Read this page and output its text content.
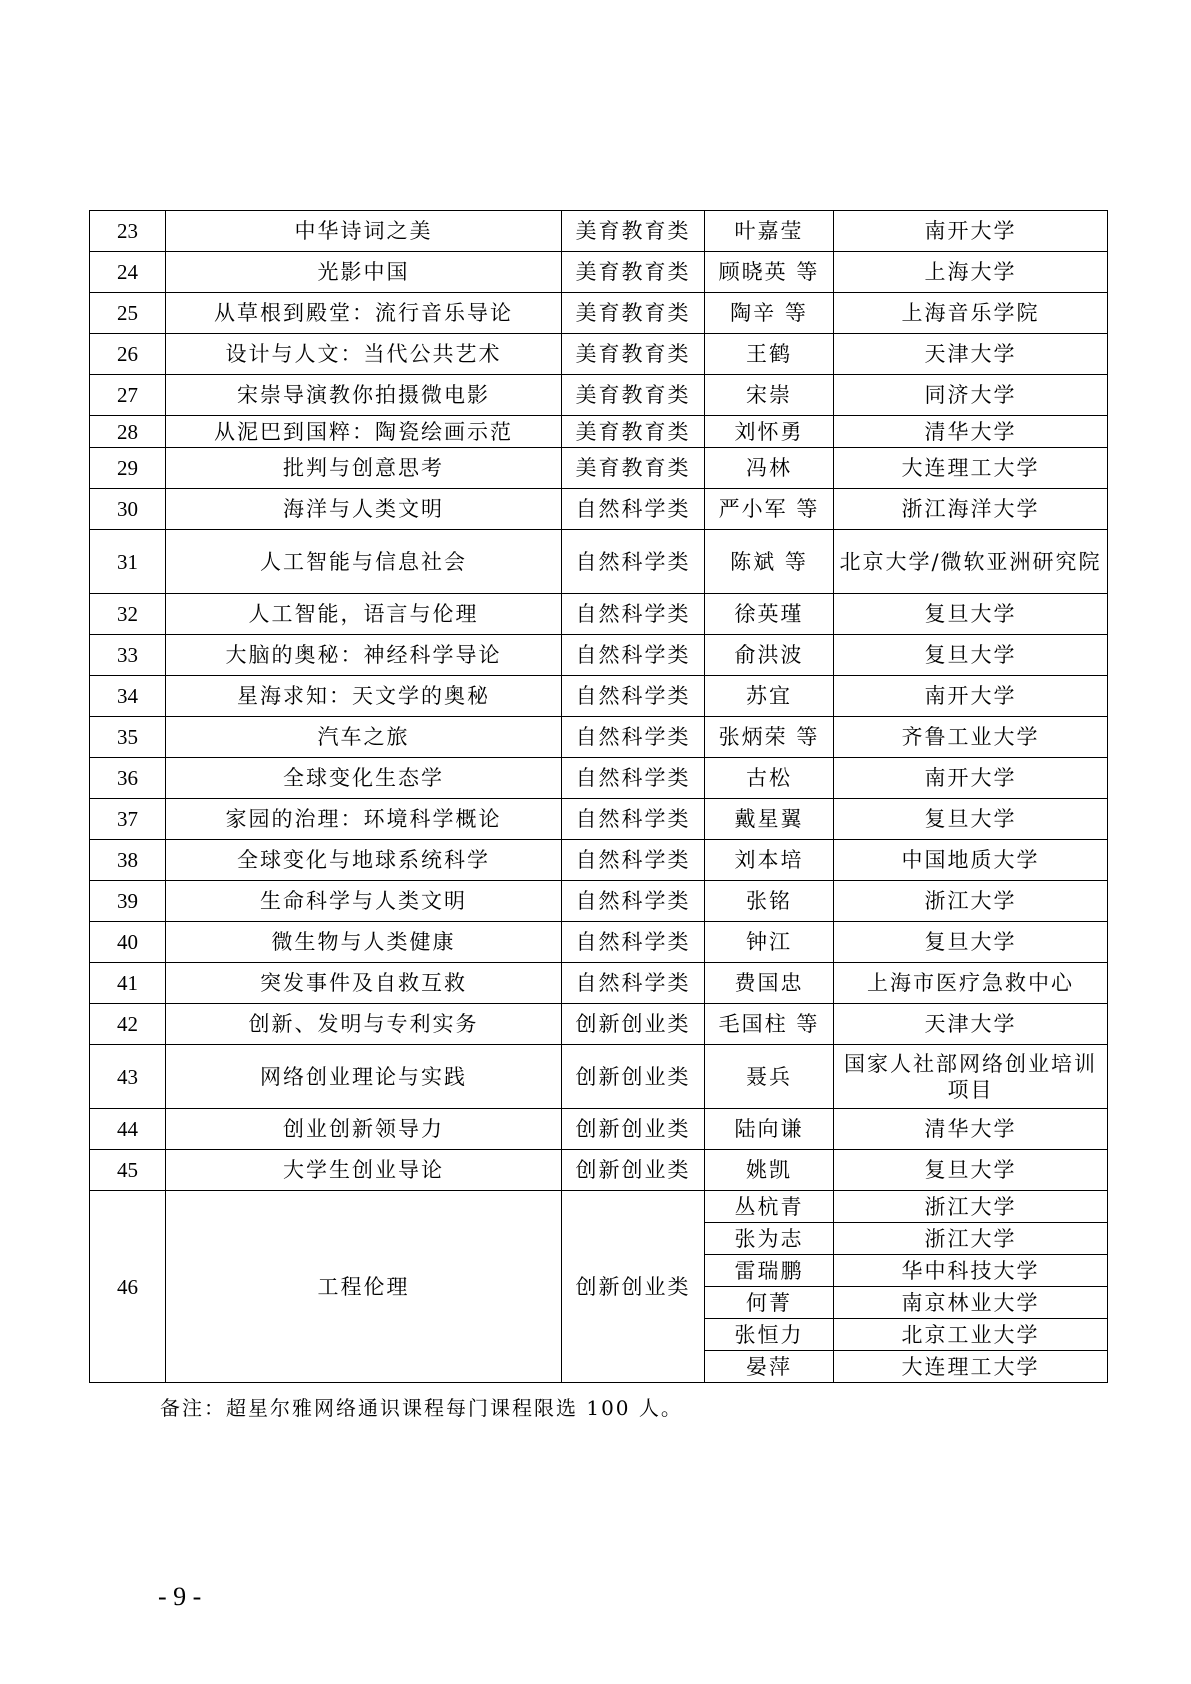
23	中华诗词之美	美育教育类	叶嘉莹	南开大学
24	光影中国	美育教育类	顾晓英 等	上海大学
25	从草根到殿堂：流行音乐导论	美育教育类	陶辛 等	上海音乐学院
26	设计与人文：当代公共艺术	美育教育类	王鹤	天津大学
27	宋崇导演教你拍摄微电影	美育教育类	宋崇	同济大学
28	从泥巴到国粹：陶瓷绘画示范	美育教育类	刘怀勇	清华大学
29	批判与创意思考	美育教育类	冯林	大连理工大学
30	海洋与人类文明	自然科学类	严小军 等	浙江海洋大学
31	人工智能与信息社会	自然科学类	陈斌 等	北京大学/微软亚洲研究院
32	人工智能，语言与伦理	自然科学类	徐英瑾	复旦大学
33	大脑的奥秘：神经科学导论	自然科学类	俞洪波	复旦大学
34	星海求知：天文学的奥秘	自然科学类	苏宜	南开大学
35	汽车之旅	自然科学类	张炳荣 等	齐鲁工业大学
36	全球变化生态学	自然科学类	古松	南开大学
37	家园的治理：环境科学概论	自然科学类	戴星翼	复旦大学
38	全球变化与地球系统科学	自然科学类	刘本培	中国地质大学
39	生命科学与人类文明	自然科学类	张铭	浙江大学
40	微生物与人类健康	自然科学类	钟江	复旦大学
41	突发事件及自救互救	自然科学类	费国忠	上海市医疗急救中心
42	创新、发明与专利实务	创新创业类	毛国柱 等	天津大学
43	网络创业理论与实践	创新创业类	聂兵	国家人社部网络创业培训项目
44	创业创新领导力	创新创业类	陆向谦	清华大学
45	大学生创业导论	创新创业类	姚凯	复旦大学
46	工程伦理	创新创业类	丛杭青	浙江大学
			张为志	浙江大学
			雷瑞鹏	华中科技大学
			何菁	南京林业大学
			张恒力	北京工业大学
			晏萍	大连理工大学
备注：超星尔雅网络通识课程每门课程限选 100 人。
- 9 -
